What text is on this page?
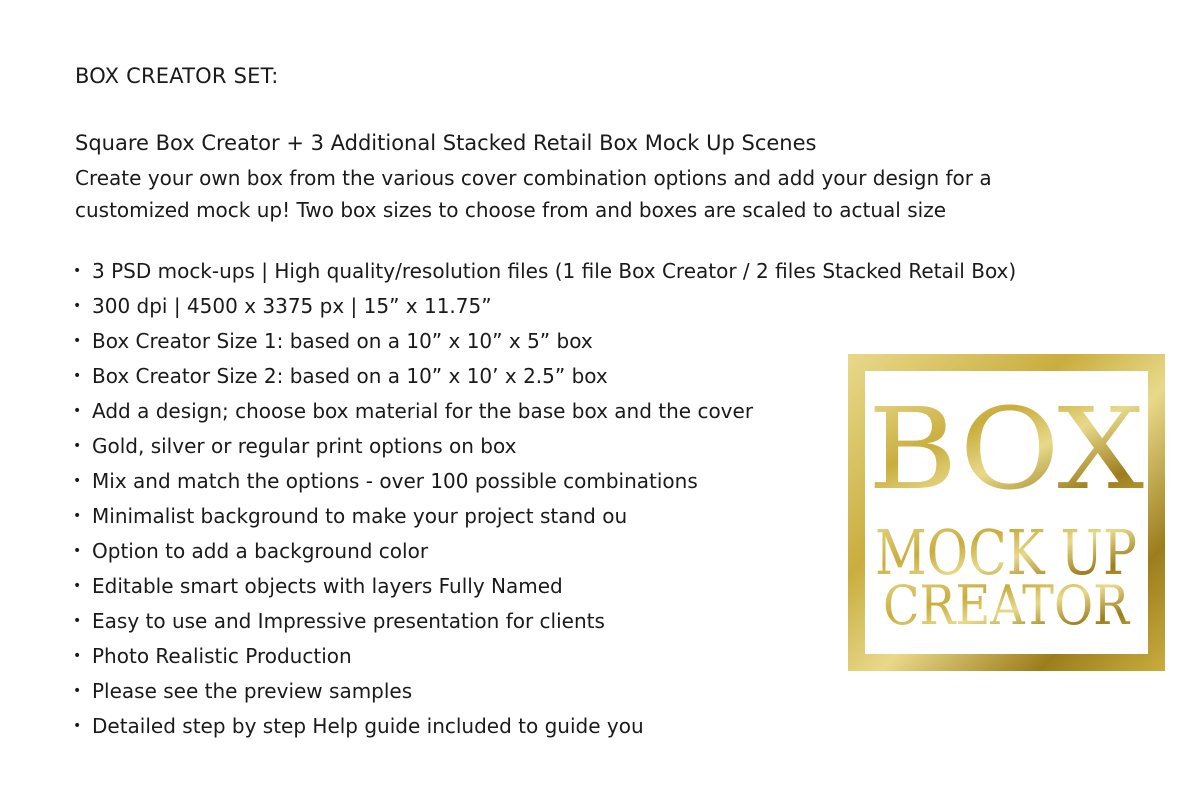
BOX CREATOR SET:
Square Box Creator + 3 Additional Stacked Retail Box Mock Up Scenes
Create your own box from the various cover combination options and add your design for a
customized mock up! Two box sizes to choose from and boxes are scaled to actual size
• 3 PSD mock-ups | High quality/resolution files (1 file Box Creator / 2 files Stacked Retail Box)
• 300 dpi | 4500 x 3375 px | 15” x 11.75”
• Box Creator Size 1: based on a 10” x 10” x 5” box
• Box Creator Size 2: based on a 10” x 10’ x 2.5” box
• Add a design; choose box material for the base box and the cover
• Gold, silver or regular print options on box
• Mix and match the options - over 100 possible combinations
• Minimalist background to make your project stand ou
• Option to add a background color
• Editable smart objects with layers Fully Named
• Easy to use and Impressive presentation for clients
• Photo Realistic Production
• Please see the preview samples
• Detailed step by step Help guide included to guide you
BOX
MOCK UP
CREATOR
